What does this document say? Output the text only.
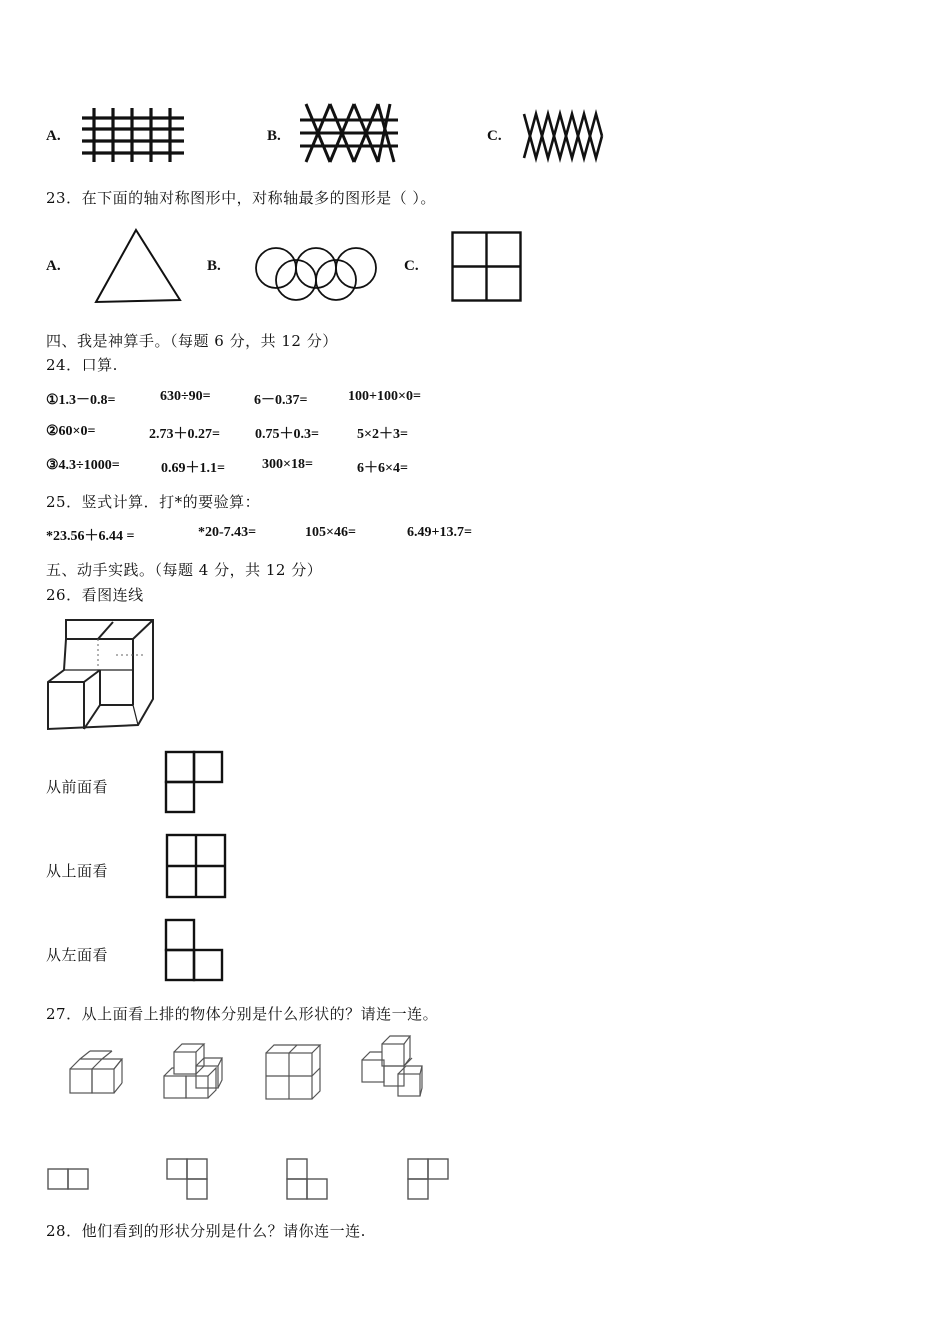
A.	B.	C.
23．在下面的轴对称图形中，对称轴最多的图形是（ ）。
A.	B.	C.
四、我是神算手。（每题 6 分，共 12 分）
24．口算.
①1.3－0.8=	630÷90=	6－0.37=	100+100×0=
②60×0=	2.73＋0.27=	0.75＋0.3=	5×2＋3=
③4.3÷1000=	0.69＋1.1=	300×18=	6＋6×4=
25．竖式计算．打*的要验算：
*23.56＋6.44 =	*20-7.43=	105×46=	6.49+13.7=
五、动手实践。（每题 4 分，共 12 分）
26．看图连线
从前面看
从上面看
从左面看
27．从上面看上排的物体分别是什么形状的？请连一连。
28．他们看到的形状分别是什么？请你连一连.
